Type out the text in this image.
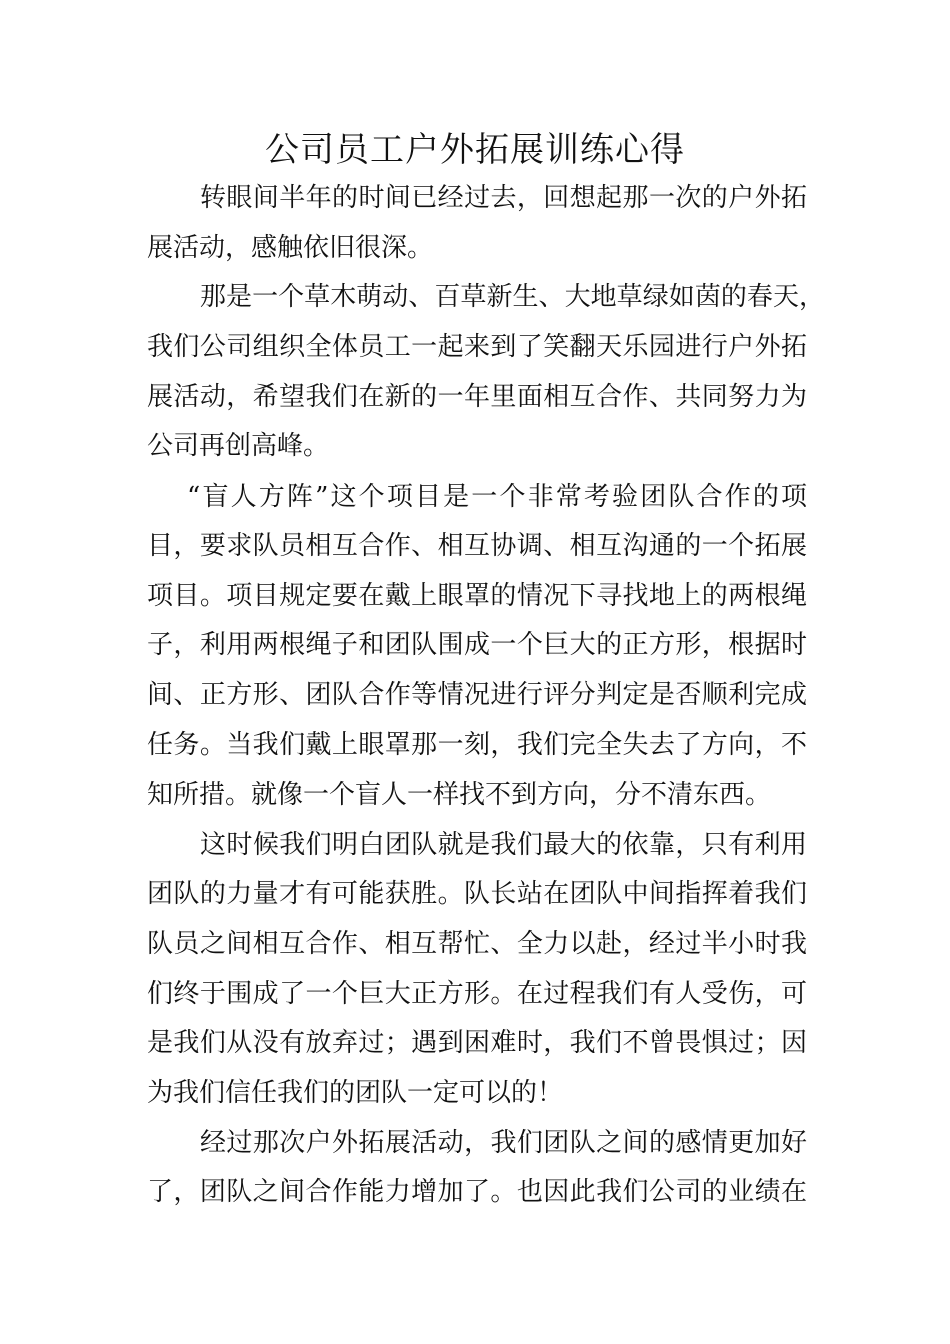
公司员工户外拓展训练心得
转眼间半年的时间已经过去，回想起那一次的户外拓
展活动，感触依旧很深。
那是一个草木萌动、百草新生、大地草绿如茵的春天，
我们公司组织全体员工一起来到了笑翻天乐园进行户外拓
展活动，希望我们在新的一年里面相互合作、共同努力为
公司再创高峰。
“盲人方阵”这个项目是一个非常考验团队合作的项
目，要求队员相互合作、相互协调、相互沟通的一个拓展
项目。项目规定要在戴上眼罩的情况下寻找地上的两根绳
子，利用两根绳子和团队围成一个巨大的正方形，根据时
间、正方形、团队合作等情况进行评分判定是否顺利完成
任务。当我们戴上眼罩那一刻，我们完全失去了方向，不
知所措。就像一个盲人一样找不到方向，分不清东西。
这时候我们明白团队就是我们最大的依靠，只有利用
团队的力量才有可能获胜。队长站在团队中间指挥着我们
队员之间相互合作、相互帮忙、全力以赴，经过半小时我
们终于围成了一个巨大正方形。在过程我们有人受伤，可
是我们从没有放弃过；遇到困难时，我们不曾畏惧过；因
为我们信任我们的团队一定可以的！
经过那次户外拓展活动，我们团队之间的感情更加好
了，团队之间合作能力增加了。也因此我们公司的业绩在
